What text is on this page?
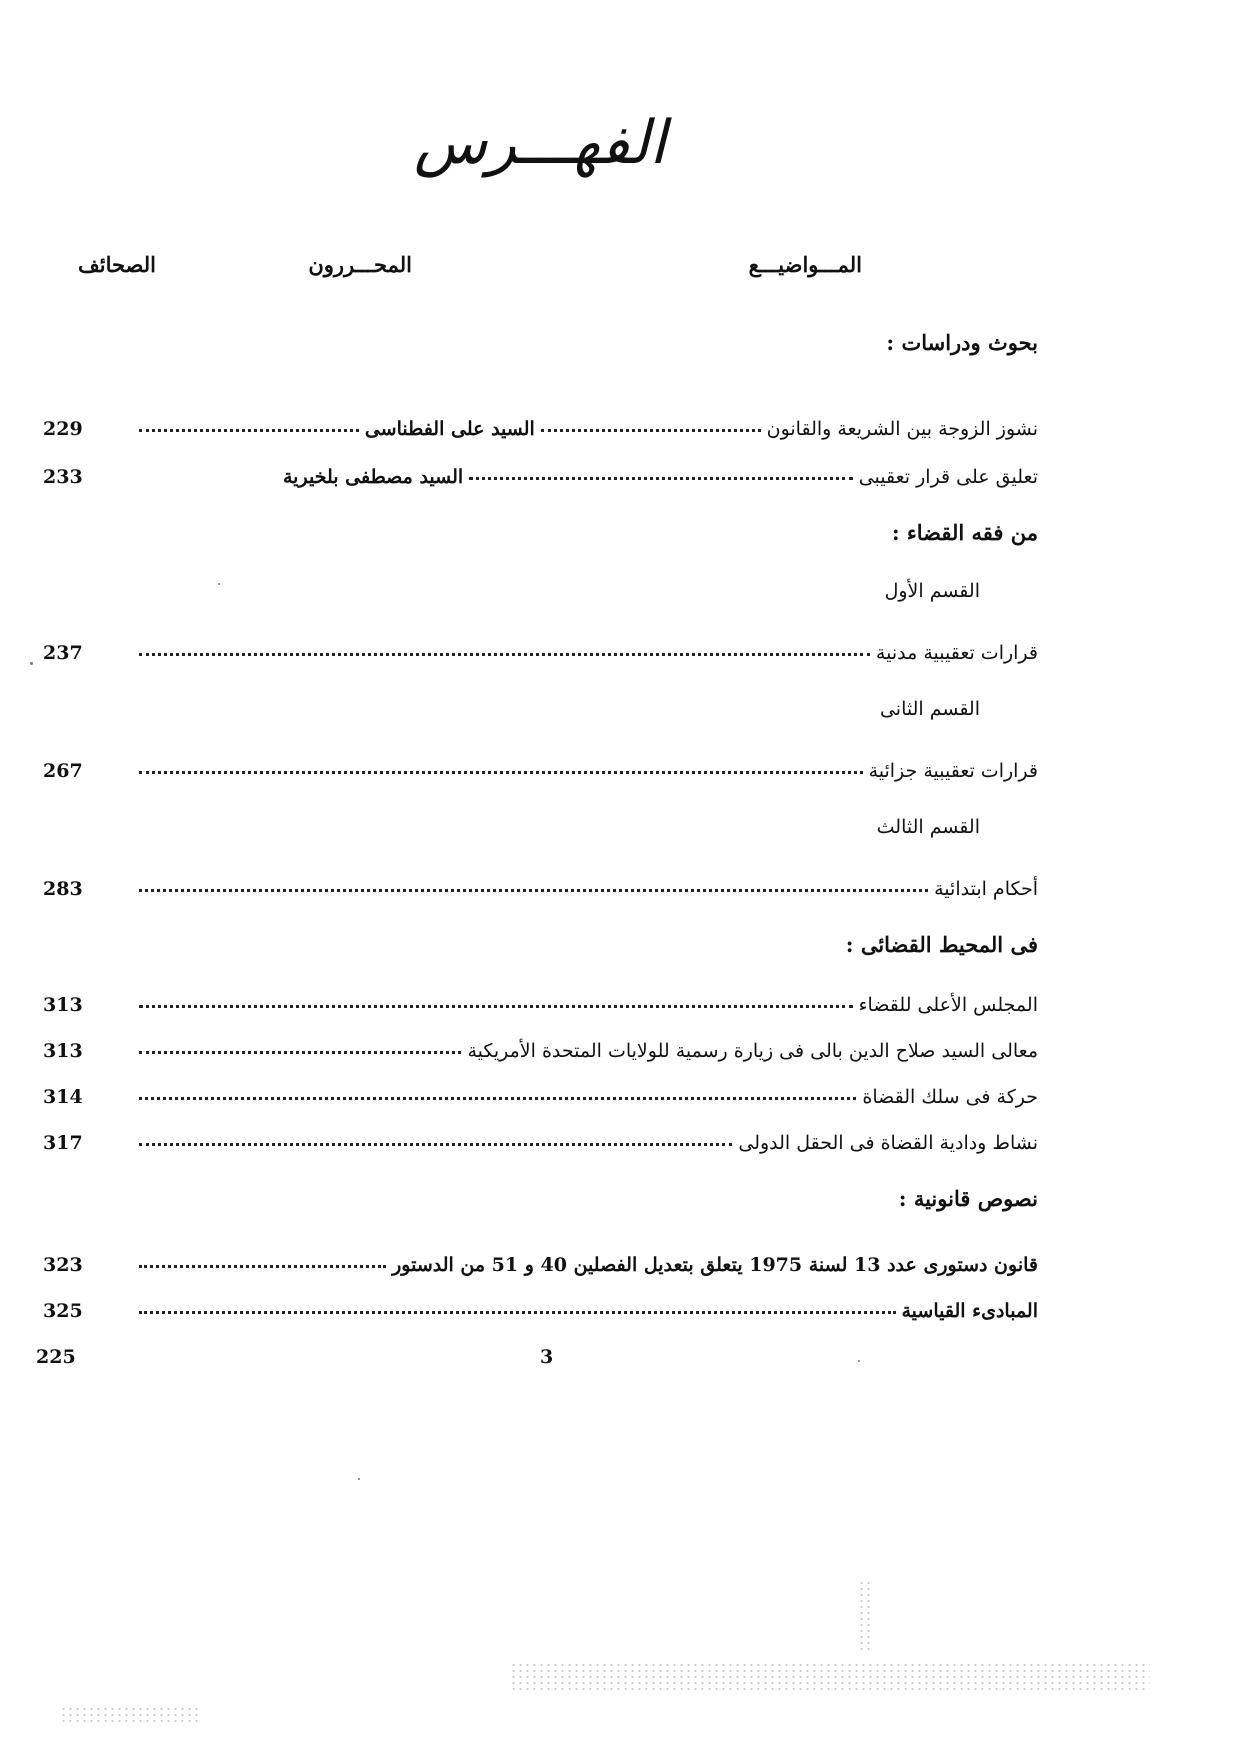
الفهـــرس
المـــواضيـــع
المحـــررون
الصحائف
بحوث ودراسات :
نشوز الزوجة بين الشريعة والقانون
السيد على الفطناسى
229
تعليق على قرار تعقيبى
السيد مصطفى بلخيرية
233
من فقه القضاء :
القسم الأول
قرارات تعقيبية مدنية
237
القسم الثانى
قرارات تعقيبية جزائية
267
القسم الثالث
أحكام ابتدائية
283
فى المحيط القضائى :
المجلس الأعلى للقضاء
313
معالى السيد صلاح الدين بالى فى زيارة رسمية للولايات المتحدة الأمريكية
313
حركة فى سلك القضاة
314
نشاط ودادية القضاة فى الحقل الدولى
317
نصوص قانونية :
قانون دستورى عدد 13 لسنة 1975 يتعلق بتعديل الفصلين 40 و 51 من الدستور
323
المبادىء القياسية
325
225	3
